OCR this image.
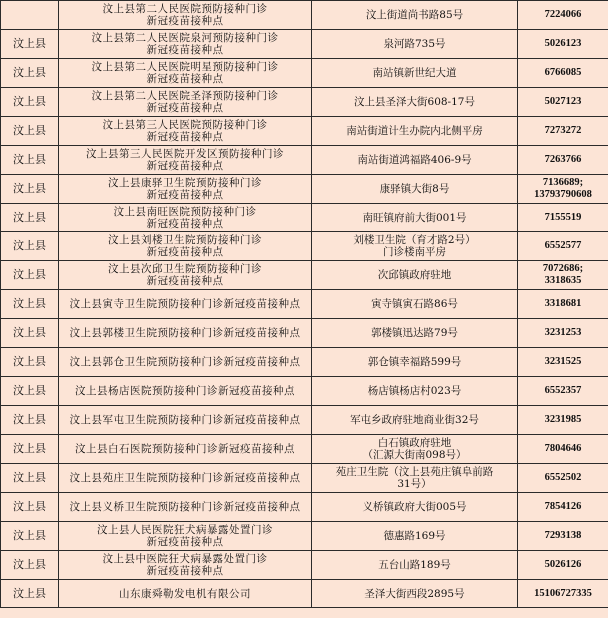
	汶上县第二人民医院预防接种门诊
新冠疫苗接种点	汶上街道尚书路85号	7224066
汶上县	汶上县第二人民医院泉河预防接种门诊
新冠疫苗接种点	泉河路735号	5026123
汶上县	汶上县第二人民医院明星预防接种门诊
新冠疫苗接种点	南站镇新世纪大道	6766085
汶上县	汶上县第二人民医院圣泽预防接种门诊
新冠疫苗接种点	汶上县圣泽大街608-17号	5027123
汶上县	汶上县第三人民医院预防接种门诊
新冠疫苗接种点	南站街道计生办院内北侧平房	7273272
汶上县	汶上县第三人民医院开发区预防接种门诊
新冠疫苗接种点	南站街道鸿福路406-9号	7263766
汶上县	汶上县康驿卫生院预防接种门诊
新冠疫苗接种点	康驿镇大街8号	7136689;
13793790608
汶上县	汶上县南旺医院预防接种门诊
新冠疫苗接种点	南旺镇府前大街001号	7155519
汶上县	汶上县刘楼卫生院预防接种门诊
新冠疫苗接种点	刘楼卫生院（育才路2号）
门诊楼南平房	6552577
汶上县	汶上县次邱卫生院预防接种门诊
新冠疫苗接种点	次邱镇政府驻地	7072686;
3318635
汶上县	汶上县寅寺卫生院预防接种门诊新冠疫苗接种点	寅寺镇寅石路86号	3318681
汶上县	汶上县郭楼卫生院预防接种门诊新冠疫苗接种点	郭楼镇迅达路79号	3231253
汶上县	汶上县郭仓卫生院预防接种门诊新冠疫苗接种点	郭仓镇幸福路599号	3231525
汶上县	汶上县杨店医院预防接种门诊新冠疫苗接种点	杨店镇杨店村023号	6552357
汶上县	汶上县军屯卫生院预防接种门诊新冠疫苗接种点	军屯乡政府驻地商业街32号	3231985
汶上县	汶上县白石医院预防接种门诊新冠疫苗接种点	白石镇政府驻地
（汇源大街南098号）	7804646
汶上县	汶上县苑庄卫生院预防接种门诊新冠疫苗接种点	苑庄卫生院（汶上县苑庄镇阜前路
31号）	6552502
汶上县	汶上县义桥卫生院预防接种门诊新冠疫苗接种点	义桥镇政府大街005号	7854126
汶上县	汶上县人民医院狂犬病暴露处置门诊
新冠疫苗接种点	德惠路169号	7293138
汶上县	汶上县中医院狂犬病暴露处置门诊
新冠疫苗接种点	五台山路189号	5026126
汶上县	山东康舜勒发电机有限公司	圣泽大街西段2895号	15106727335
